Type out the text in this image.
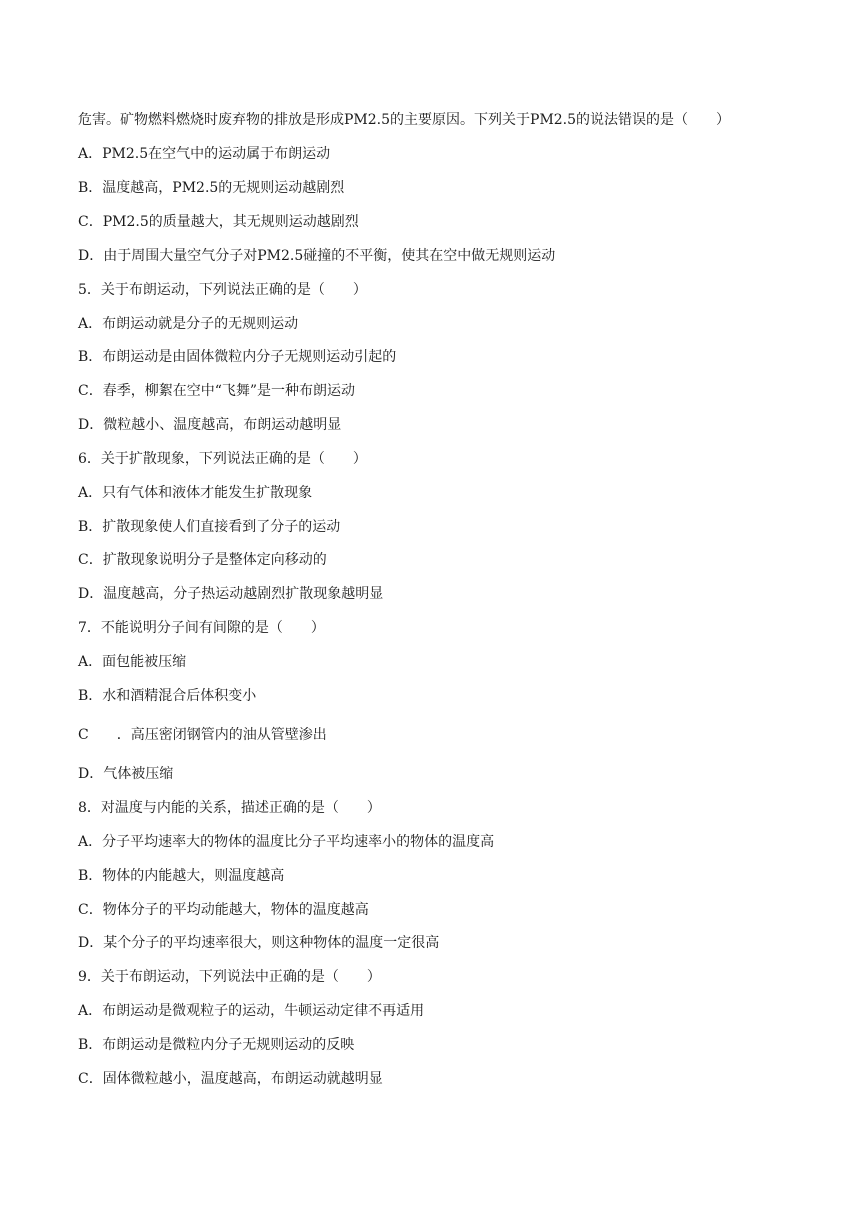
危害。矿物燃料燃烧时废弃物的排放是形成PM2.5的主要原因。下列关于PM2.5的说法错误的是（　　）
A．PM2.5在空气中的运动属于布朗运动
B．温度越高，PM2.5的无规则运动越剧烈
C．PM2.5的质量越大，其无规则运动越剧烈
D．由于周围大量空气分子对PM2.5碰撞的不平衡，使其在空中做无规则运动
5．关于布朗运动，下列说法正确的是（　　）
A．布朗运动就是分子的无规则运动
B．布朗运动是由固体微粒内分子无规则运动引起的
C．春季，柳絮在空中“飞舞”是一种布朗运动
D．微粒越小、温度越高，布朗运动越明显
6．关于扩散现象，下列说法正确的是（　　）
A．只有气体和液体才能发生扩散现象
B．扩散现象使人们直接看到了分子的运动
C．扩散现象说明分子是整体定向移动的
D．温度越高，分子热运动越剧烈扩散现象越明显
7．不能说明分子间有间隙的是（　　）
A．面包能被压缩
B．水和酒精混合后体积变小
C　　．高压密闭钢管内的油从管壁渗出
D．气体被压缩
8．对温度与内能的关系，描述正确的是（　　）
A．分子平均速率大的物体的温度比分子平均速率小的物体的温度高
B．物体的内能越大，则温度越高
C．物体分子的平均动能越大，物体的温度越高
D．某个分子的平均速率很大，则这种物体的温度一定很高
9．关于布朗运动，下列说法中正确的是（　　）
A．布朗运动是微观粒子的运动，牛顿运动定律不再适用
B．布朗运动是微粒内分子无规则运动的反映
C．固体微粒越小，温度越高，布朗运动就越明显
